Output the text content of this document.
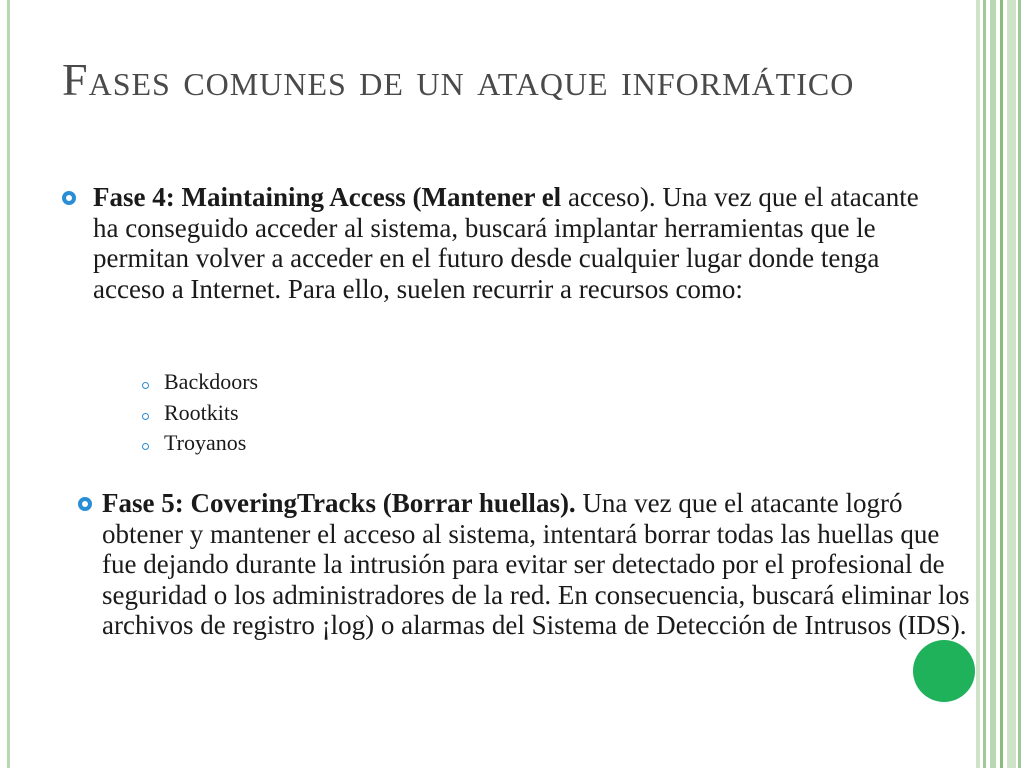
Fases comunes de un ataque informático
Fase 4: Maintaining Access (Mantener el acceso). Una vez que el atacante ha conseguido acceder al sistema, buscará implantar herramientas que le permitan volver a acceder en el futuro desde cualquier lugar donde tenga acceso a Internet. Para ello, suelen recurrir a recursos como:
Backdoors
Rootkits
Troyanos
Fase 5: CoveringTracks (Borrar huellas). Una vez que el atacante logró obtener y mantener el acceso al sistema, intentará borrar todas las huellas que fue dejando durante la intrusión para evitar ser detectado por el profesional de seguridad o los administradores de la red. En consecuencia, buscará eliminar los archivos de registro ¡log) o alarmas del Sistema de Detección de Intrusos (IDS).
